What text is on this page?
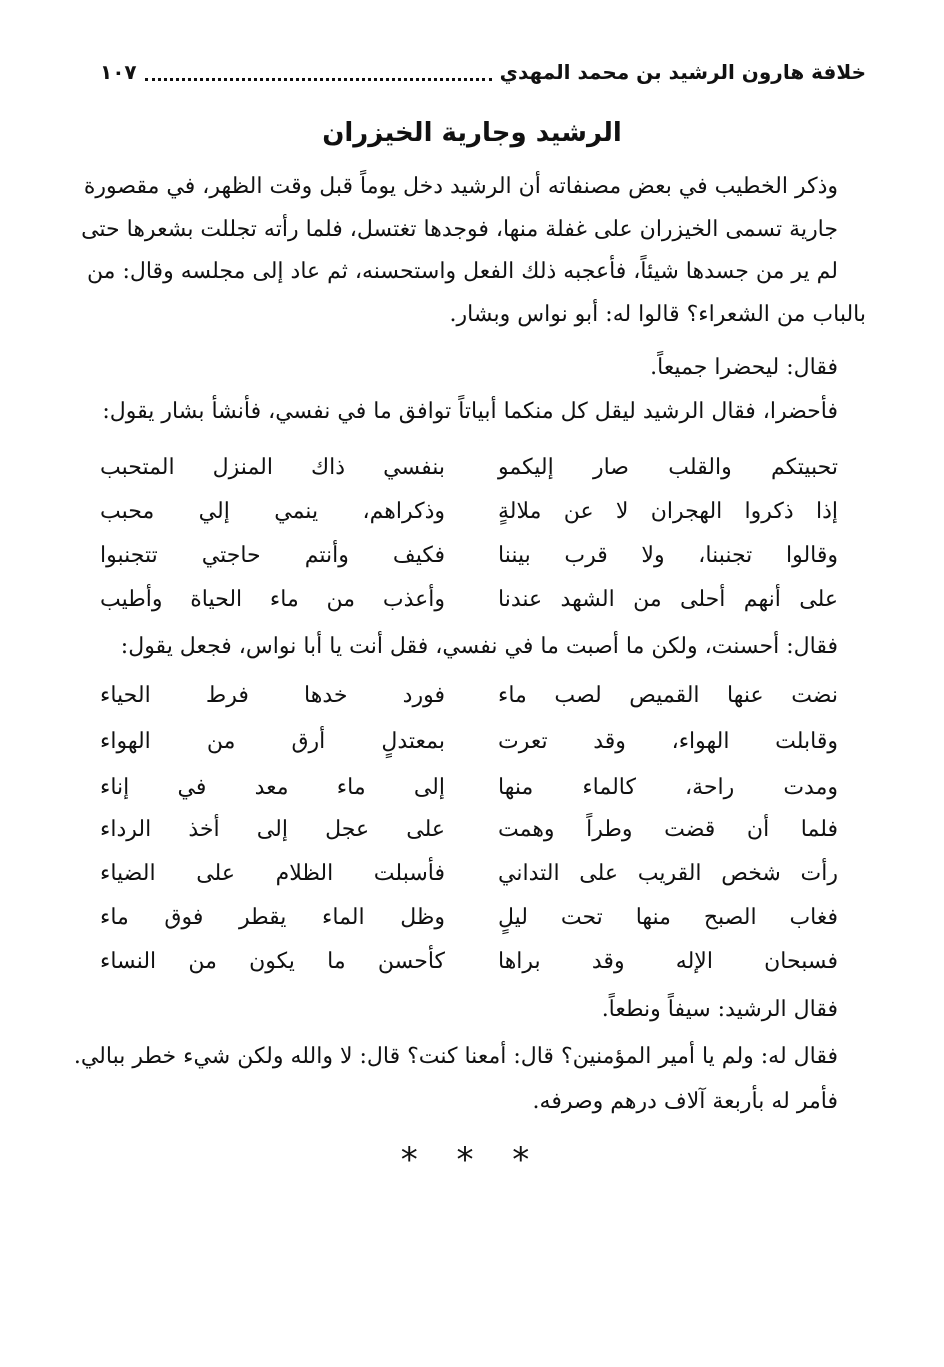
خلافة هارون الرشيد بن محمد المهدي
١٠٧
الرشيد وجارية الخيزران
وذكر الخطيب في بعض مصنفاته أن الرشيد دخل يوماً قبل وقت الظهر، في مقصورة
جارية تسمى الخيزران على غفلة منها، فوجدها تغتسل، فلما رأته تجللت بشعرها حتى
لم ير من جسدها شيئاً، فأعجبه ذلك الفعل واستحسنه، ثم عاد إلى مجلسه وقال: من
بالباب من الشعراء؟ قالوا له: أبو نواس وبشار.
فقال: ليحضرا جميعاً.
فأحضرا، فقال الرشيد ليقل كل منكما أبياتاً توافق ما في نفسي، فأنشأ بشار يقول:
تحبيتكم والقلب صار إليكمو
بنفسي ذاك المنزل المتحبب
إذا ذكروا الهجران لا عن ملالةٍ
وذكراهم، ينمي إلي محبب
وقالوا تجنبنا، ولا قرب بيننا
فكيف وأنتم حاجتي تتجنبوا
على أنهم أحلى من الشهد عندنا
وأعذب من ماء الحياة وأطيب
فقال: أحسنت، ولكن ما أصبت ما في نفسي، فقل أنت يا أبا نواس، فجعل يقول:
نضت عنها القميص لصب ماء
فورد خدها فرط الحياء
وقابلت الهواء، وقد تعرت
بمعتدلٍ أرق من الهواء
ومدت راحة، كالماء منها
إلى ماء معد في إناء
فلما أن قضت وطراً وهمت
على عجل إلى أخذ الرداء
رأت شخص القريب على التداني
فأسبلت الظلام على الضياء
فغاب الصبح منها تحت ليلٍ
وظل الماء يقطر فوق ماء
فسبحان الإله وقد براها
كأحسن ما يكون من النساء
فقال الرشيد: سيفاً ونطعاً.
فقال له: ولم يا أمير المؤمنين؟ قال: أمعنا كنت؟ قال: لا والله ولكن شيء خطر ببالي.
فأمر له بأربعة آلاف درهم وصرفه.
* * *
